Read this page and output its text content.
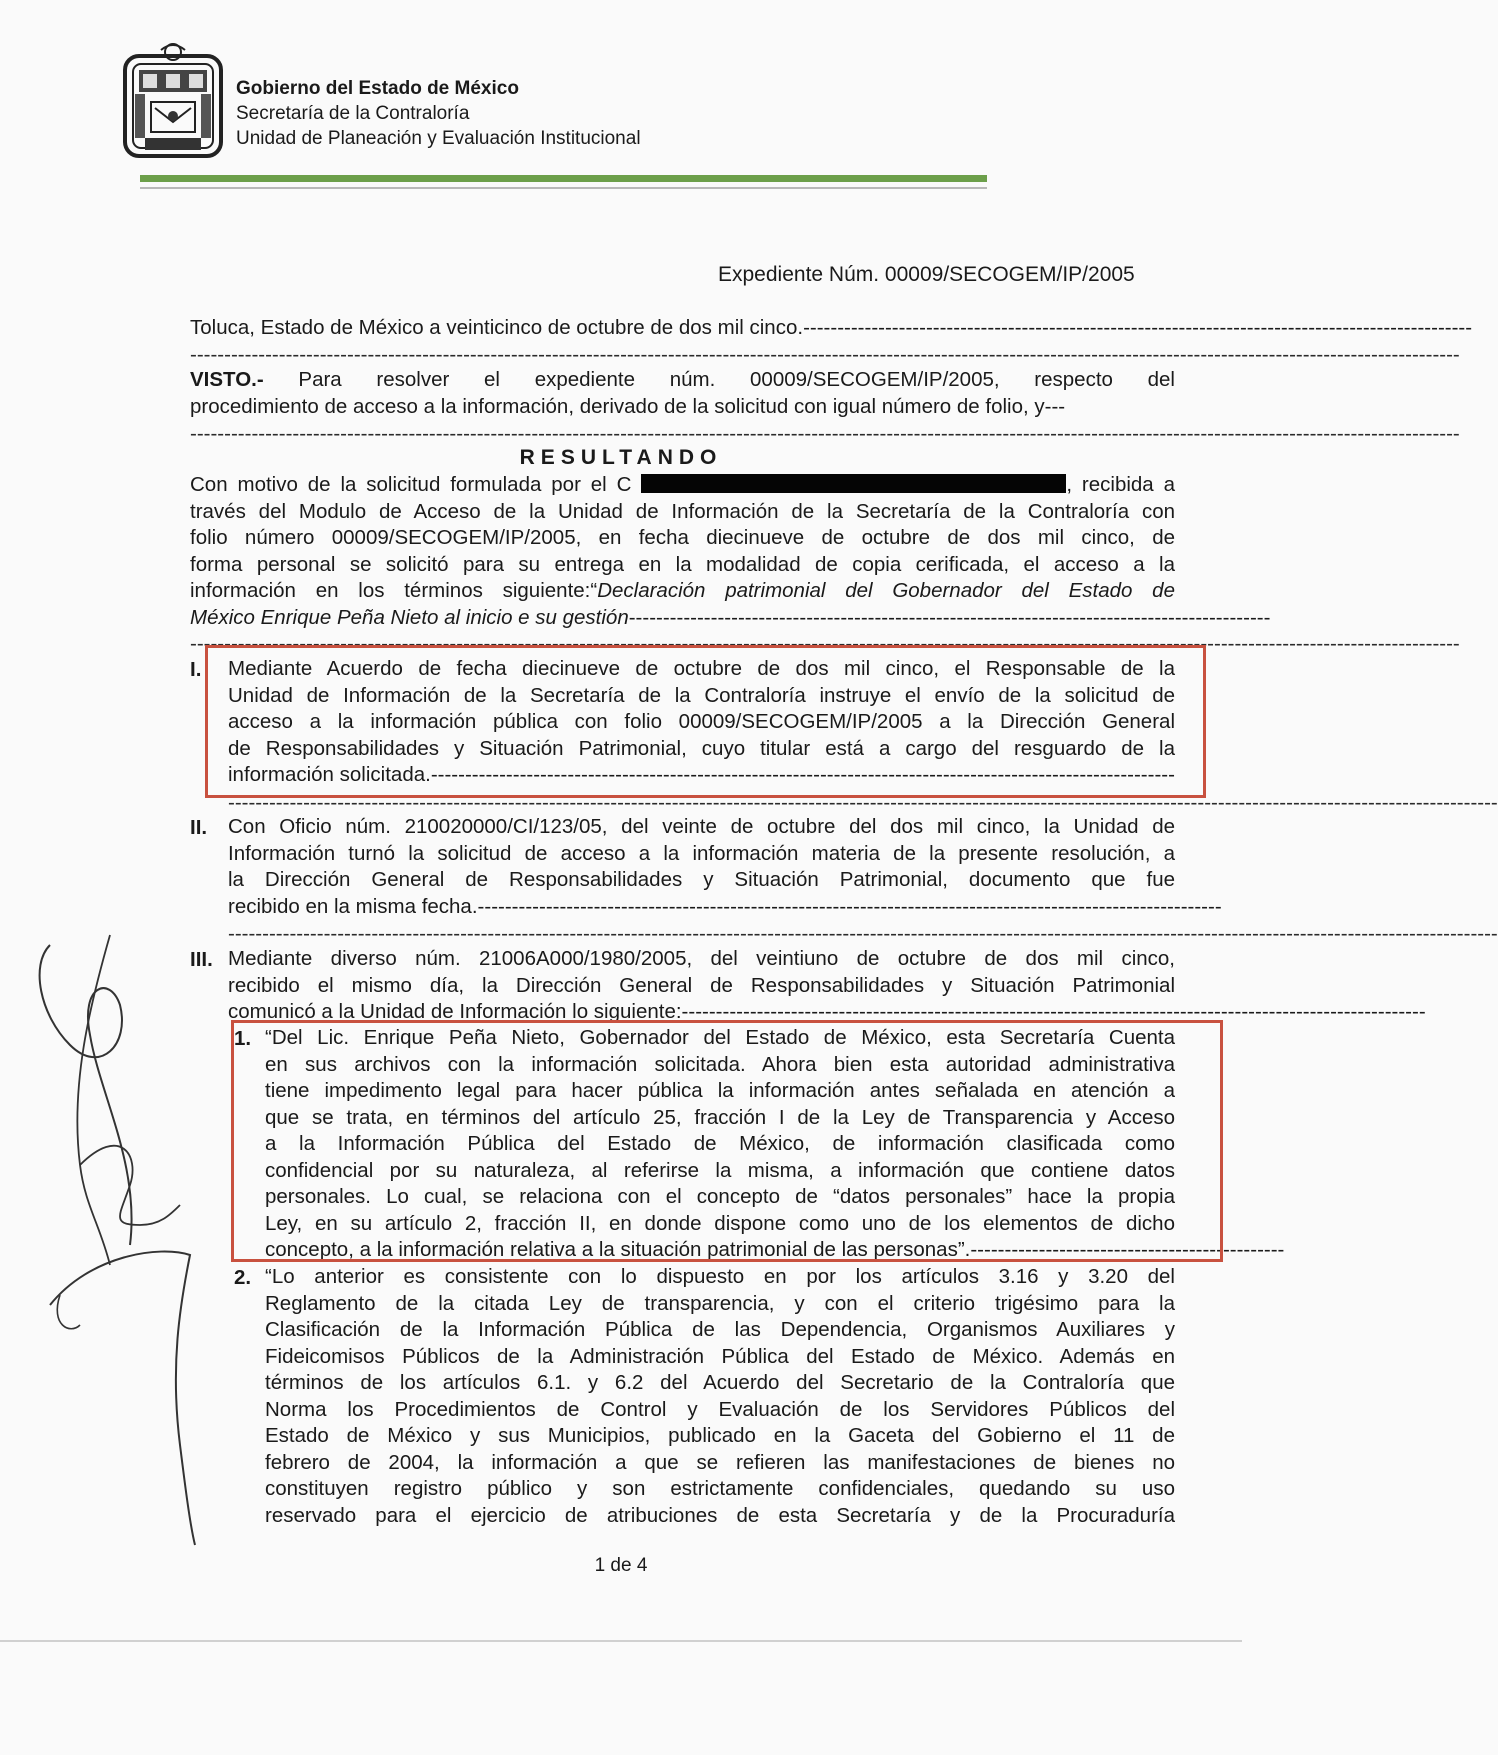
Gobierno del Estado de México
Secretaría de la Contraloría
Unidad de Planeación y Evaluación Institucional
Expediente Núm. 00009/SECOGEM/IP/2005
Toluca, Estado de México a veinticinco de octubre de dos mil cinco.--------------------------------------------------------------------------------------------------
------------------------------------------------------------------------------------------------------------------------------------------------------------------------------------------
VISTO.- Para resolver el expediente núm. 00009/SECOGEM/IP/2005, respecto del
procedimiento de acceso a la información, derivado de la solicitud con igual número de folio, y---
------------------------------------------------------------------------------------------------------------------------------------------------------------------------------------------
RESULTANDO
Con motivo de la solicitud formulada por el C	, recibida a
través del Modulo de Acceso de la Unidad de Información de la Secretaría de la Contraloría con
folio número 00009/SECOGEM/IP/2005, en fecha diecinueve de octubre de dos mil cinco, de
forma personal se solicitó para su entrega en la modalidad de copia cerificada, el acceso a la
información en los términos siguiente:“Declaración patrimonial del Gobernador del Estado de
México Enrique Peña Nieto al inicio e su gestión----------------------------------------------------------------------------------------------
------------------------------------------------------------------------------------------------------------------------------------------------------------------------------------------
I. Mediante Acuerdo de fecha diecinueve de octubre de dos mil cinco, el Responsable de la
Unidad de Información de la Secretaría de la Contraloría instruye el envío de la solicitud de
acceso a la información pública con folio 00009/SECOGEM/IP/2005 a la Dirección General
de Responsabilidades y Situación Patrimonial, cuyo titular está a cargo del resguardo de la
información solicitada.-------------------------------------------------------------------------------------------------------------
------------------------------------------------------------------------------------------------------------------------------------------------------------------------------------------
II. Con Oficio núm. 210020000/CI/123/05, del veinte de octubre del dos mil cinco, la Unidad de
Información turnó la solicitud de acceso a la información materia de la presente resolución, a
la Dirección General de Responsabilidades y Situación Patrimonial, documento que fue
recibido en la misma fecha.-------------------------------------------------------------------------------------------------------------
------------------------------------------------------------------------------------------------------------------------------------------------------------------------------------------
III. Mediante diverso núm. 21006A000/1980/2005, del veintiuno de octubre de dos mil cinco,
recibido el mismo día, la Dirección General de Responsabilidades y Situación Patrimonial
comunicó a la Unidad de Información lo siguiente:-------------------------------------------------------------------------------------------------------------
1. “Del Lic. Enrique Peña Nieto, Gobernador del Estado de México, esta Secretaría Cuenta
en sus archivos con la información solicitada. Ahora bien esta autoridad administrativa
tiene impedimento legal para hacer pública la información antes señalada en atención a
que se trata, en términos del artículo 25, fracción I de la Ley de Transparencia y Acceso
a la Información Pública del Estado de México, de información clasificada como
confidencial por su naturaleza, al referirse la misma, a información que contiene datos
personales. Lo cual, se relaciona con el concepto de “datos personales” hace la propia
Ley, en su artículo 2, fracción II, en donde dispone como uno de los elementos de dicho
concepto, a la información relativa a la situación patrimonial de las personas”.----------------------------------------------
2. “Lo anterior es consistente con lo dispuesto en por los artículos 3.16 y 3.20 del
Reglamento de la citada Ley de transparencia, y con el criterio trigésimo para la
Clasificación de la Información Pública de las Dependencia, Organismos Auxiliares y
Fideicomisos Públicos de la Administración Pública del Estado de México. Además en
términos de los artículos 6.1. y 6.2 del Acuerdo del Secretario de la Contraloría que
Norma los Procedimientos de Control y Evaluación de los Servidores Públicos del
Estado de México y sus Municipios, publicado en la Gaceta del Gobierno el 11 de
febrero de 2004, la información a que se refieren las manifestaciones de bienes no
constituyen registro público y son estrictamente confidenciales, quedando su uso
reservado para el ejercicio de atribuciones de esta Secretaría y de la Procuraduría
1 de 4
